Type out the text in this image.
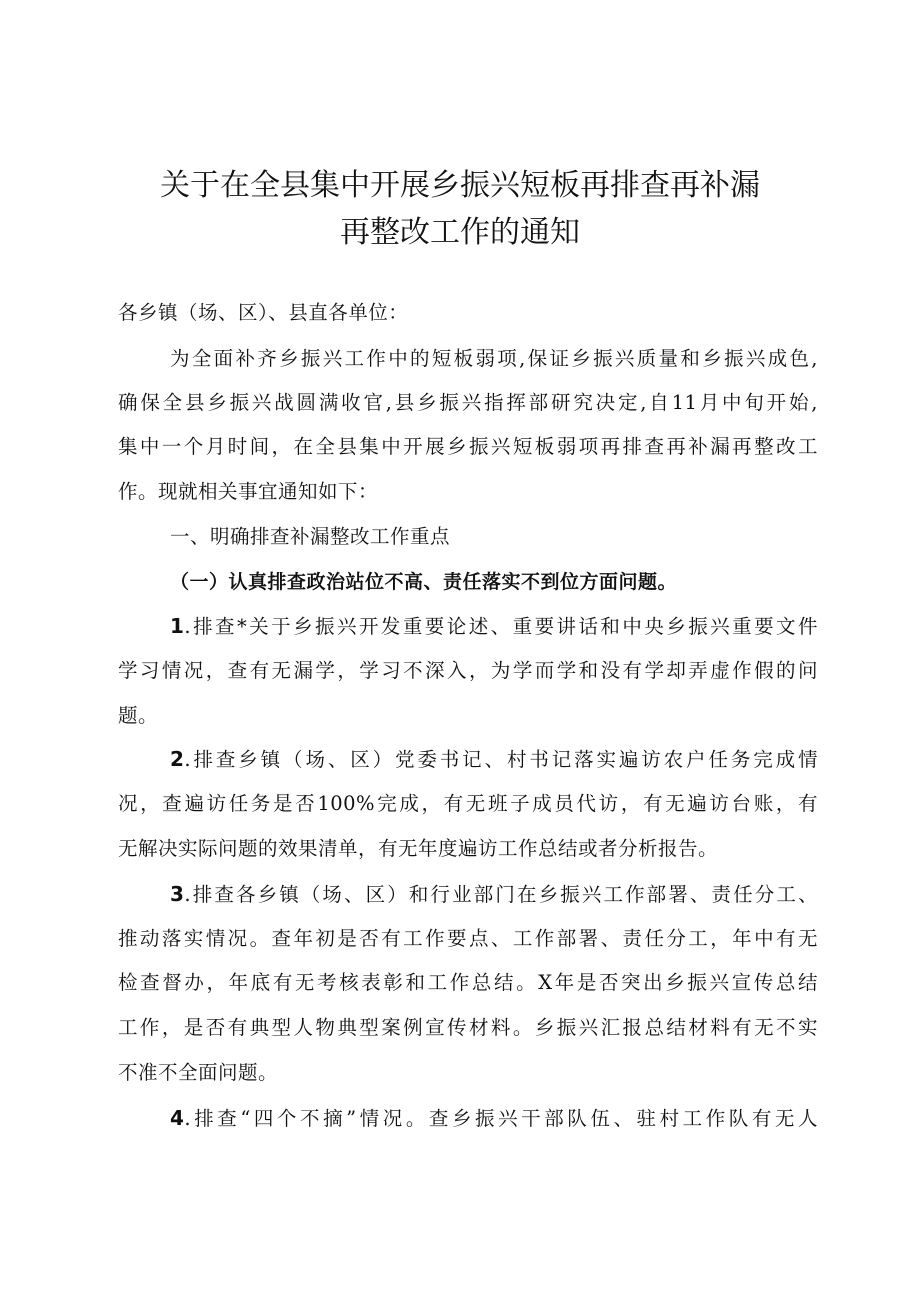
关于在全县集中开展乡振兴短板再排查再补漏
再整改工作的通知
各乡镇（场、区）、县直各单位：
为全面补齐乡振兴工作中的短板弱项,保证乡振兴质量和乡振兴成色,
确保全县乡振兴战圆满收官,县乡振兴指挥部研究决定,自11月中旬开始,
集中一个月时间，在全县集中开展乡振兴短板弱项再排查再补漏再整改工
作。现就相关事宜通知如下：
一、明确排查补漏整改工作重点
（一）认真排查政治站位不高、责任落实不到位方面问题。
1.排查*关于乡振兴开发重要论述、重要讲话和中央乡振兴重要文件
学习情况，查有无漏学，学习不深入，为学而学和没有学却弄虚作假的问
题。
2.排查乡镇（场、区）党委书记、村书记落实遍访农户任务完成情
况，查遍访任务是否100%完成，有无班子成员代访，有无遍访台账，有
无解决实际问题的效果清单，有无年度遍访工作总结或者分析报告。
3.排查各乡镇（场、区）和行业部门在乡振兴工作部署、责任分工、
推动落实情况。查年初是否有工作要点、工作部署、责任分工，年中有无
检查督办，年底有无考核表彰和工作总结。X年是否突出乡振兴宣传总结
工作，是否有典型人物典型案例宣传材料。乡振兴汇报总结材料有无不实
不准不全面问题。
4.排查“四个不摘”情况。查乡振兴干部队伍、驻村工作队有无人
